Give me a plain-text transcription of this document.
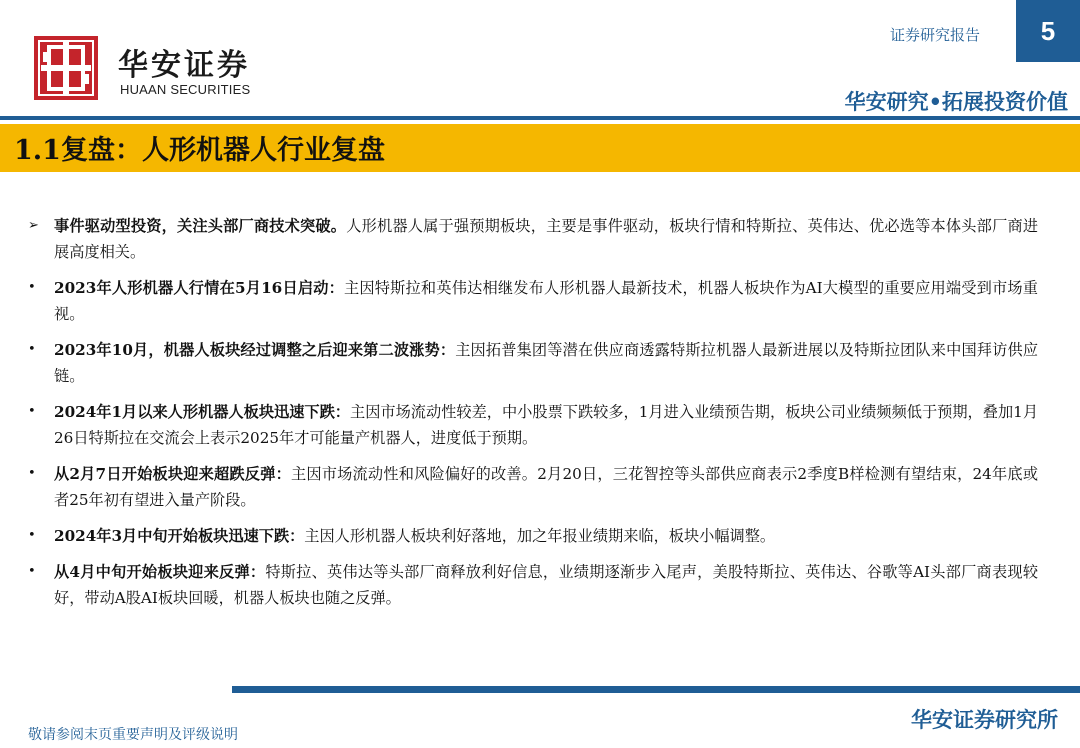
华安证券
HUAAN SECURITIES
证券研究报告 5
华安研究•拓展投资价值
1.1复盘：人形机器人行业复盘
➢ 事件驱动型投资，关注头部厂商技术突破。人形机器人属于强预期板块，主要是事件驱动，板块行情和特斯拉、英伟达、优必选等本体头部厂商进展高度相关。
•	2023年人形机器人行情在5月16日启动：主因特斯拉和英伟达相继发布人形机器人最新技术，机器人板块作为AI大模型的重要应用端受到市场重视。
•	2023年10月，机器人板块经过调整之后迎来第二波涨势：主因拓普集团等潜在供应商透露特斯拉机器人最新进展以及特斯拉团队来中国拜访供应链。
•	2024年1月以来人形机器人板块迅速下跌：主因市场流动性较差，中小股票下跌较多，1月进入业绩预告期，板块公司业绩频频低于预期，叠加1月26日特斯拉在交流会上表示2025年才可能量产机器人，进度低于预期。
•	从2月7日开始板块迎来超跌反弹：主因市场流动性和风险偏好的改善。2月20日，三花智控等头部供应商表示2季度B样检测有望结束，24年底或者25年初有望进入量产阶段。
•	2024年3月中旬开始板块迅速下跌：主因人形机器人板块利好落地，加之年报业绩期来临，板块小幅调整。
•	从4月中旬开始板块迎来反弹：特斯拉、英伟达等头部厂商释放利好信息，业绩期逐渐步入尾声，美股特斯拉、英伟达、谷歌等AI头部厂商表现较好，带动A股AI板块回暖，机器人板块也随之反弹。
敬请参阅末页重要声明及评级说明
华安证券研究所
